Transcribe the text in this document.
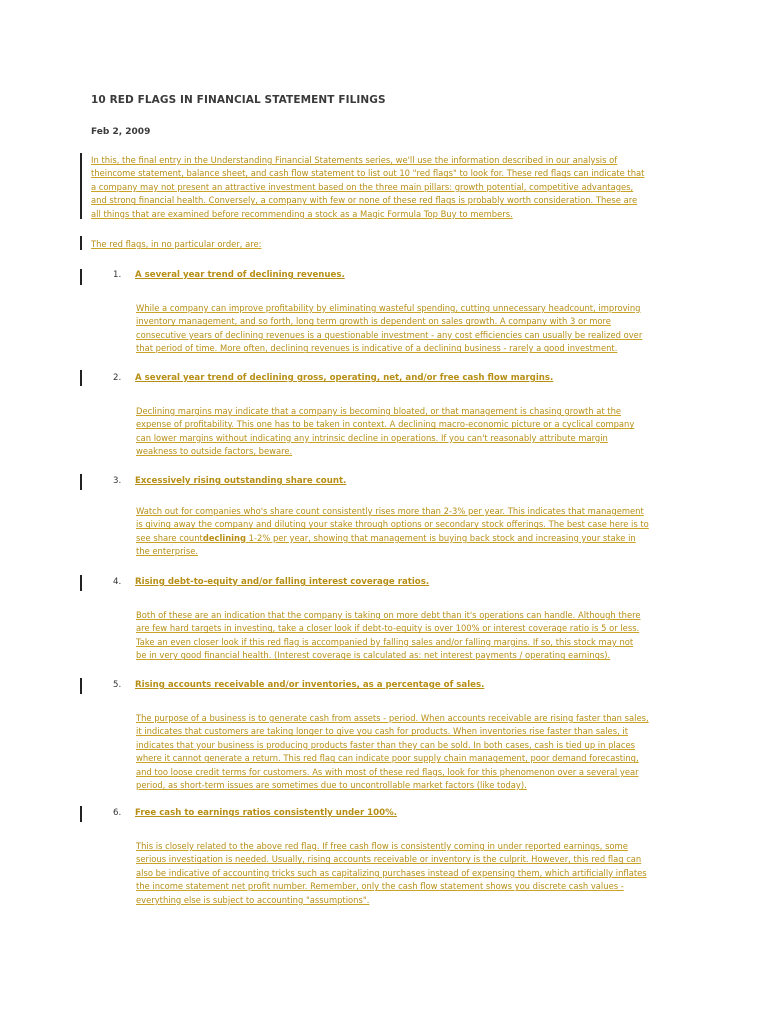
10 RED FLAGS IN FINANCIAL STATEMENT FILINGS
Feb 2, 2009

In this, the final entry in the Understanding Financial Statements series, we'll use the information described in our analysis of
theincome statement, balance sheet, and cash flow statement to list out 10 "red flags" to look for. These red flags can indicate that
a company may not present an attractive investment based on the three main pillars: growth potential, competitive advantages,
and strong financial health. Conversely, a company with few or none of these red flags is probably worth consideration. These are
all things that are examined before recommending a stock as a Magic Formula Top Buy to members.

The red flags, in no particular order, are:

1. A several year trend of declining revenues.

While a company can improve profitability by eliminating wasteful spending, cutting unnecessary headcount, improving
inventory management, and so forth, long term growth is dependent on sales growth. A company with 3 or more
consecutive years of declining revenues is a questionable investment - any cost efficiencies can usually be realized over
that period of time. More often, declining revenues is indicative of a declining business - rarely a good investment.

2. A several year trend of declining gross, operating, net, and/or free cash flow margins.

Declining margins may indicate that a company is becoming bloated, or that management is chasing growth at the
expense of profitability. This one has to be taken in context. A declining macro-economic picture or a cyclical company
can lower margins without indicating any intrinsic decline in operations. If you can't reasonably attribute margin
weakness to outside factors, beware.

3. Excessively rising outstanding share count.

Watch out for companies who's share count consistently rises more than 2-3% per year. This indicates that management
is giving away the company and diluting your stake through options or secondary stock offerings. The best case here is to
see share countdeclining 1-2% per year, showing that management is buying back stock and increasing your stake in
the enterprise.

4. Rising debt-to-equity and/or falling interest coverage ratios.

Both of these are an indication that the company is taking on more debt than it's operations can handle. Although there
are few hard targets in investing, take a closer look if debt-to-equity is over 100% or interest coverage ratio is 5 or less.
Take an even closer look if this red flag is accompanied by falling sales and/or falling margins. If so, this stock may not
be in very good financial health. (Interest coverage is calculated as: net interest payments / operating earnings).

5. Rising accounts receivable and/or inventories, as a percentage of sales.

The purpose of a business is to generate cash from assets - period. When accounts receivable are rising faster than sales,
it indicates that customers are taking longer to give you cash for products. When inventories rise faster than sales, it
indicates that your business is producing products faster than they can be sold. In both cases, cash is tied up in places
where it cannot generate a return. This red flag can indicate poor supply chain management, poor demand forecasting,
and too loose credit terms for customers. As with most of these red flags, look for this phenomenon over a several year
period, as short-term issues are sometimes due to uncontrollable market factors (like today).

6. Free cash to earnings ratios consistently under 100%.

This is closely related to the above red flag. If free cash flow is consistently coming in under reported earnings, some
serious investigation is needed. Usually, rising accounts receivable or inventory is the culprit. However, this red flag can
also be indicative of accounting tricks such as capitalizing purchases instead of expensing them, which artificially inflates
the income statement net profit number. Remember, only the cash flow statement shows you discrete cash values -
everything else is subject to accounting "assumptions".
